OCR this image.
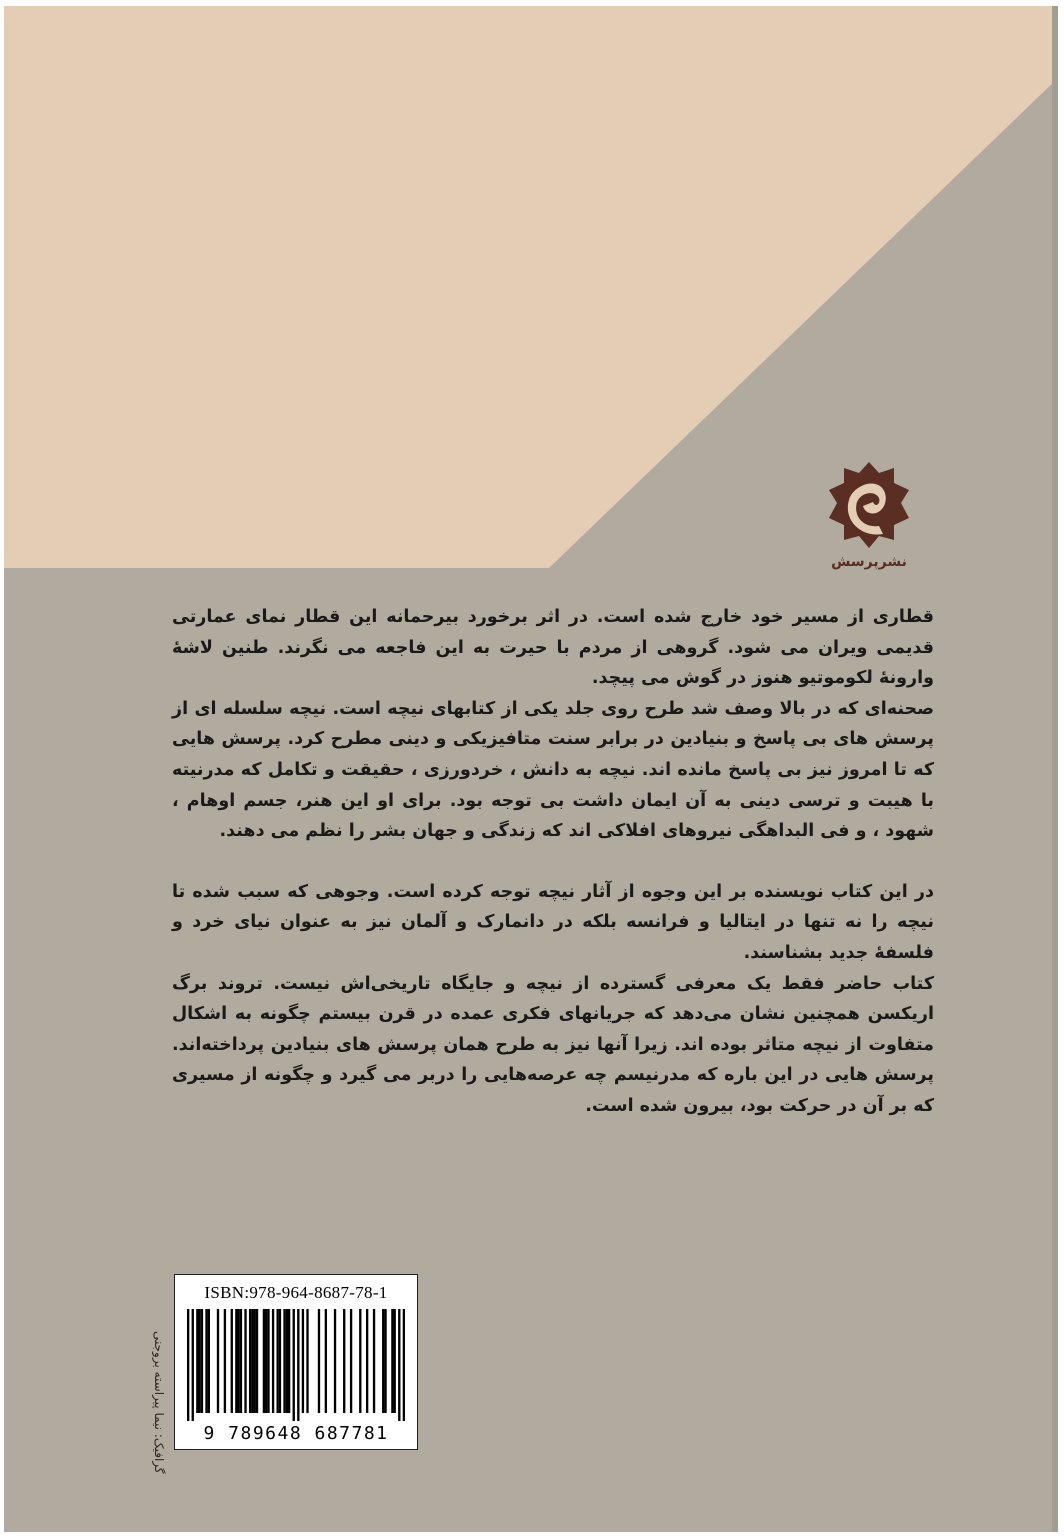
نشرپرسش

قطاری از مسیر خود خارج شده است. در اثر برخورد بیرحمانه این قطار نمای عمارتی قدیمی ویران می شود. گروهی از مردم با حیرت به این فاجعه می نگرند. طنین لاشهٔ وارونهٔ لکوموتیو هنوز در گوش می پیچد.

صحنه‌ای که در بالا وصف شد طرح روی جلد یکی از کتابهای نیچه است. نیچه سلسله ای از پرسش های بی پاسخ و بنیادین در برابر سنت متافیزیکی و دینی مطرح کرد. پرسش هایی که تا امروز نیز بی پاسخ مانده اند. نیچه به دانش ، خردورزی ، حقیقت و تکامل که مدرنیته با هیبت و ترسی دینی به آن ایمان داشت بی توجه بود. برای او این هنر، جسم اوهام ، شهود ، و فی البداهگی نیروهای افلاکی اند که زندگی و جهان بشر را نظم می دهند.

در این کتاب نویسنده بر این وجوه از آثار نیچه توجه کرده است. وجوهی که سبب شده تا نیچه را نه تنها در ایتالیا و فرانسه بلکه در دانمارک و آلمان نیز به عنوان نیای خرد و فلسفهٔ جدید بشناسند.

کتاب حاضر فقط یک معرفی گسترده از نیچه و جایگاه تاریخی‌اش نیست. تروند برگ اریکسن همچنین نشان می‌دهد که جریانهای فکری عمده در قرن بیستم چگونه به اشکال متفاوت از نیچه متاثر بوده اند. زیرا آنها نیز به طرح همان پرسش های بنیادین پرداخته‌اند. پرسش هایی در این باره که مدرنیسم چه عرصه‌هایی را دربر می گیرد و چگونه از مسیری که بر آن در حرکت بود، بیرون شده است.

گرافیک: نیما پیراسته بروجنی
ISBN:978-964-8687-78-1
9 789648 687781
